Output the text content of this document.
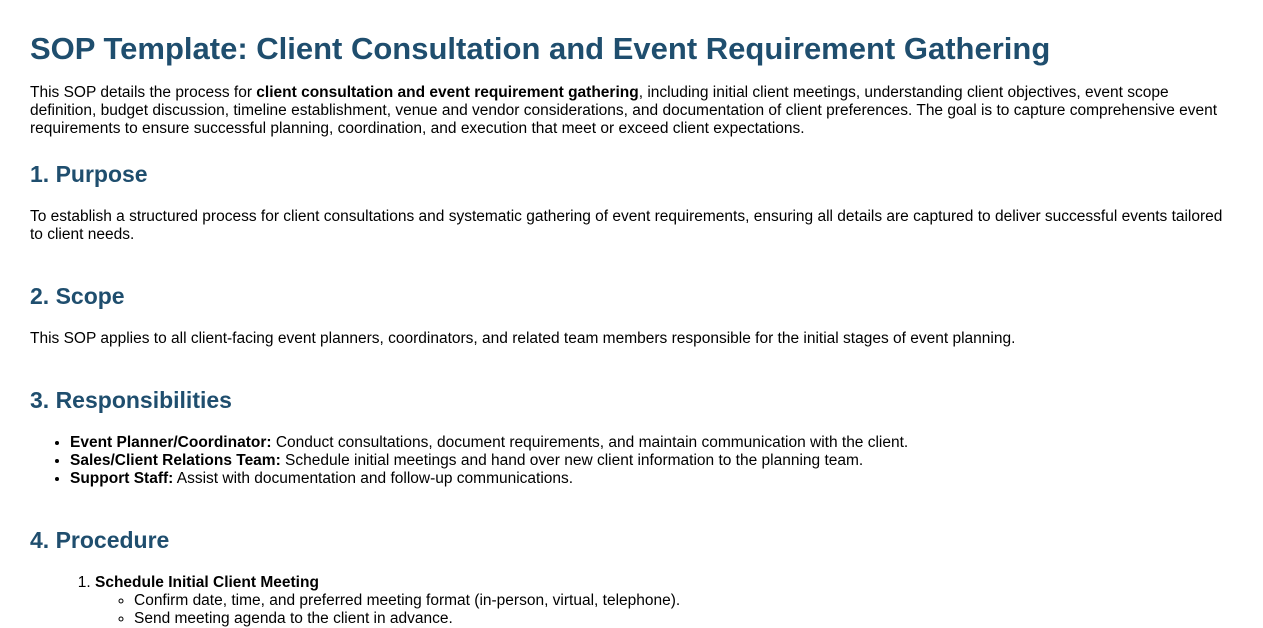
SOP Template: Client Consultation and Event Requirement Gathering

This SOP details the process for client consultation and event requirement gathering, including initial client meetings, understanding client objectives, event scope definition, budget discussion, timeline establishment, venue and vendor considerations, and documentation of client preferences. The goal is to capture comprehensive event requirements to ensure successful planning, coordination, and execution that meet or exceed client expectations.

1. Purpose

To establish a structured process for client consultations and systematic gathering of event requirements, ensuring all details are captured to deliver successful events tailored to client needs.

2. Scope

This SOP applies to all client-facing event planners, coordinators, and related team members responsible for the initial stages of event planning.

3. Responsibilities
• Event Planner/Coordinator: Conduct consultations, document requirements, and maintain communication with the client.
• Sales/Client Relations Team: Schedule initial meetings and hand over new client information to the planning team.
• Support Staff: Assist with documentation and follow-up communications.
4. Procedure
1. Schedule Initial Client Meeting
◦ Confirm date, time, and preferred meeting format (in-person, virtual, telephone).
◦ Send meeting agenda to the client in advance.
